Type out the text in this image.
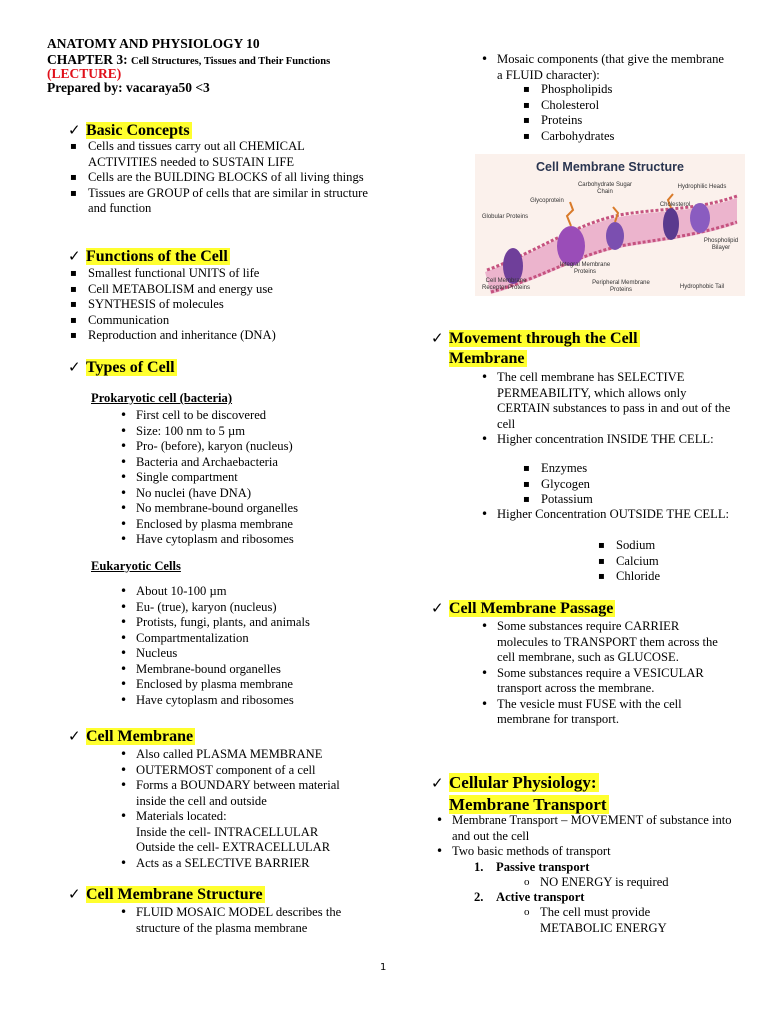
ANATOMY AND PHYSIOLOGY 10
CHAPTER 3: Cell Structures, Tissues and Their Functions
(LECTURE)
Prepared by: vacaraya50 <3
✓ Basic Concepts
▪ Cells and tissues carry out all CHEMICAL ACTIVITIES needed to SUSTAIN LIFE
▪ Cells are the BUILDING BLOCKS of all living things
▪ Tissues are GROUP of cells that are similar in structure and function
✓ Functions of the Cell
▪ Smallest functional UNITS of life
▪ Cell METABOLISM and energy use
▪ SYNTHESIS of molecules
▪ Communication
▪ Reproduction and inheritance (DNA)
✓ Types of Cell
Prokaryotic cell (bacteria)
• First cell to be discovered
• Size: 100 nm to 5 µm
• Pro- (before), karyon (nucleus)
• Bacteria and Archaebacteria
• Single compartment
• No nuclei (have DNA)
• No membrane-bound organelles
• Enclosed by plasma membrane
• Have cytoplasm and ribosomes
Eukaryotic Cells
• About 10-100 µm
• Eu- (true), karyon (nucleus)
• Protists, fungi, plants, and animals
• Compartmentalization
• Nucleus
• Membrane-bound organelles
• Enclosed by plasma membrane
• Have cytoplasm and ribosomes
✓ Cell Membrane
• Also called PLASMA MEMBRANE
• OUTERMOST component of a cell
• Forms a BOUNDARY between material inside the cell and outside
• Materials located:
Inside the cell- INTRACELLULAR
Outside the cell- EXTRACELLULAR
• Acts as a SELECTIVE BARRIER
✓ Cell Membrane Structure
• FLUID MOSAIC MODEL describes the structure of the plasma membrane
• Mosaic components (that give the membrane a FLUID character):
▪ Phospholipids
▪ Cholesterol
▪ Proteins
▪ Carbohydrates
Cell Membrane Structure
Carbohydrate Sugar Chain
Hydrophilic Heads
Glycoprotein
Cholesterol
Globular Proteins
Phospholipid Bilayer
Integral Membrane Proteins
Cell Membrane Receptor Proteins
Peripheral Membrane Proteins	Hydrophobic Tail
✓ Movement through the Cell
Membrane
• The cell membrane has SELECTIVE PERMEABILITY, which allows only CERTAIN substances to pass in and out of the cell
• Higher concentration INSIDE THE CELL:
▪ Enzymes
▪ Glycogen
▪ Potassium
• Higher Concentration OUTSIDE THE CELL:
▪ Sodium
▪ Calcium
▪ Chloride
✓ Cell Membrane Passage
• Some substances require CARRIER molecules to TRANSPORT them across the cell membrane, such as GLUCOSE.
• Some substances require a VESICULAR transport across the membrane.
• The vesicle must FUSE with the cell membrane for transport.
✓ Cellular Physiology:
Membrane Transport
• Membrane Transport – MOVEMENT of substance into and out the cell
• Two basic methods of transport
1. Passive transport
o NO ENERGY is required
2. Active transport
o The cell must provide METABOLIC ENERGY
1
